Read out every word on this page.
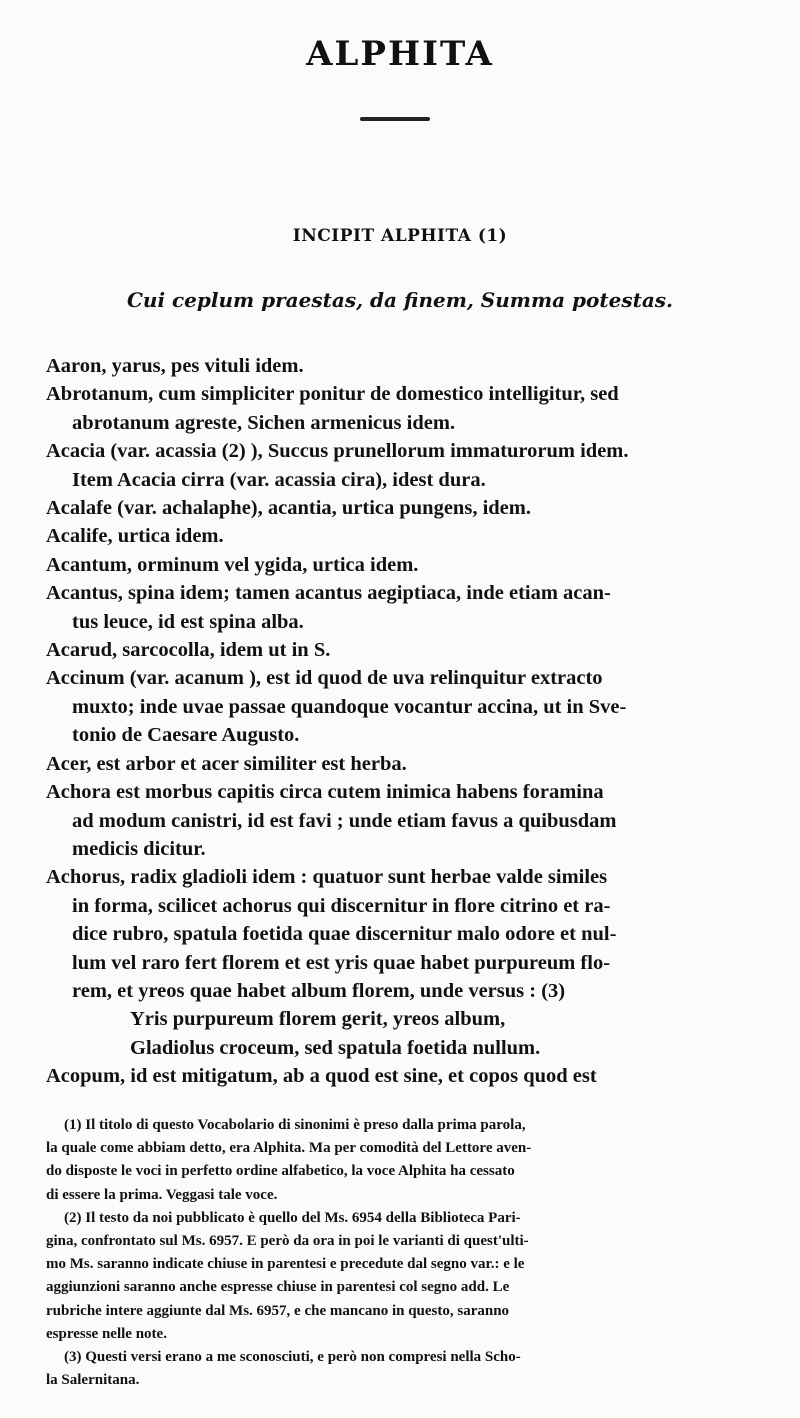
ALPHITA
INCIPIT ALPHITA (1)
Cui ceplum praestas, da finem, Summa potestas.
Aaron, yarus, pes vituli idem.
Abrotanum, cum simpliciter ponitur de domestico intelligitur, sed
abrotanum agreste, Sichen armenicus idem.
Acacia (var. acassia (2) ), Succus prunellorum immaturorum idem.
Item Acacia cirra (var. acassia cira), idest dura.
Acalafe (var. achalaphe), acantia, urtica pungens, idem.
Acalife, urtica idem.
Acantum, orminum vel ygida, urtica idem.
Acantus, spina idem; tamen acantus aegiptiaca, inde etiam acan-
tus leuce, id est spina alba.
Acarud, sarcocolla, idem ut in S.
Accinum (var. acanum ), est id quod de uva relinquitur extracto
muxto; inde uvae passae quandoque vocantur accina, ut in Sve-
tonio de Caesare Augusto.
Acer, est arbor et acer similiter est herba.
Achora est morbus capitis circa cutem inimica habens foramina
ad modum canistri, id est favi ; unde etiam favus a quibusdam
medicis dicitur.
Achorus, radix gladioli idem : quatuor sunt herbae valde similes
in forma, scilicet achorus qui discernitur in flore citrino et ra-
dice rubro, spatula foetida quae discernitur malo odore et nul-
lum vel raro fert florem et est yris quae habet purpureum flo-
rem, et yreos quae habet album florem, unde versus : (3)
Yris purpureum florem gerit, yreos album,
Gladiolus croceum, sed spatula foetida nullum.
Acopum, id est mitigatum, ab a quod est sine, et copos quod est
(1) Il titolo di questo Vocabolario di sinonimi è preso dalla prima parola,
la quale come abbiam detto, era Alphita. Ma per comodità del Lettore aven-
do disposte le voci in perfetto ordine alfabetico, la voce Alphita ha cessato
di essere la prima. Veggasi tale voce.
(2) Il testo da noi pubblicato è quello del Ms. 6954 della Biblioteca Pari-
gina, confrontato sul Ms. 6957. E però da ora in poi le varianti di quest'ulti-
mo Ms. saranno indicate chiuse in parentesi e precedute dal segno var.: e le
aggiunzioni saranno anche espresse chiuse in parentesi col segno add. Le
rubriche intere aggiunte dal Ms. 6957, e che mancano in questo, saranno
espresse nelle note.
(3) Questi versi erano a me sconosciuti, e però non compresi nella Scho-
la Salernitana.
